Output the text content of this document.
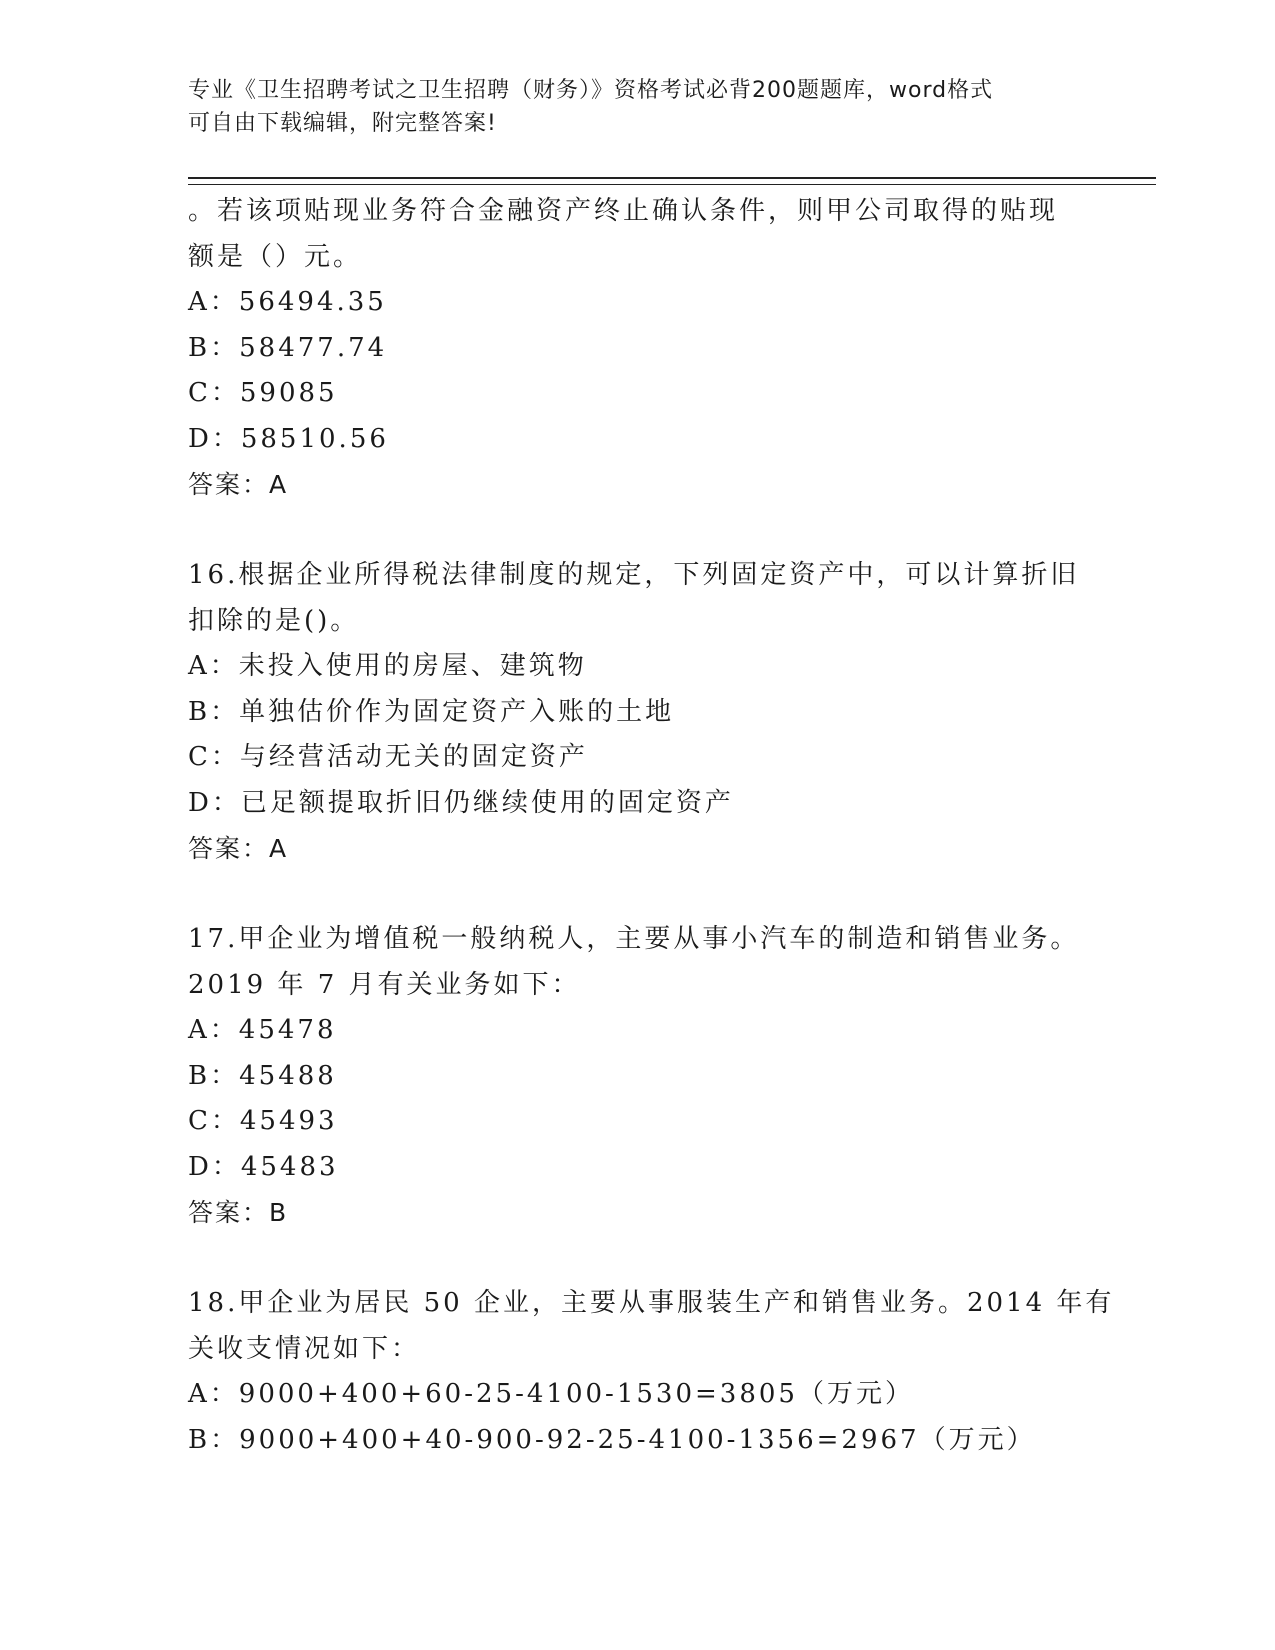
专业《卫生招聘考试之卫生招聘（财务）》资格考试必背200题题库，word格式
可自由下载编辑，附完整答案!
。若该项贴现业务符合金融资产终止确认条件，则甲公司取得的贴现
额是（）元。
A：56494.35
B：58477.74
C：59085
D：58510.56
答案：A
16.根据企业所得税法律制度的规定，下列固定资产中，可以计算折旧
扣除的是()。
A：未投入使用的房屋、建筑物
B：单独估价作为固定资产入账的土地
C：与经营活动无关的固定资产
D：已足额提取折旧仍继续使用的固定资产
答案：A
17.甲企业为增值税一般纳税人，主要从事小汽车的制造和销售业务。
2019 年 7 月有关业务如下：
A：45478
B：45488
C：45493
D：45483
答案：B
18.甲企业为居民 50 企业，主要从事服装生产和销售业务。2014 年有
关收支情况如下：
A：9000+400+60-25-4100-1530=3805（万元）
B：9000+400+40-900-92-25-4100-1356=2967（万元）
